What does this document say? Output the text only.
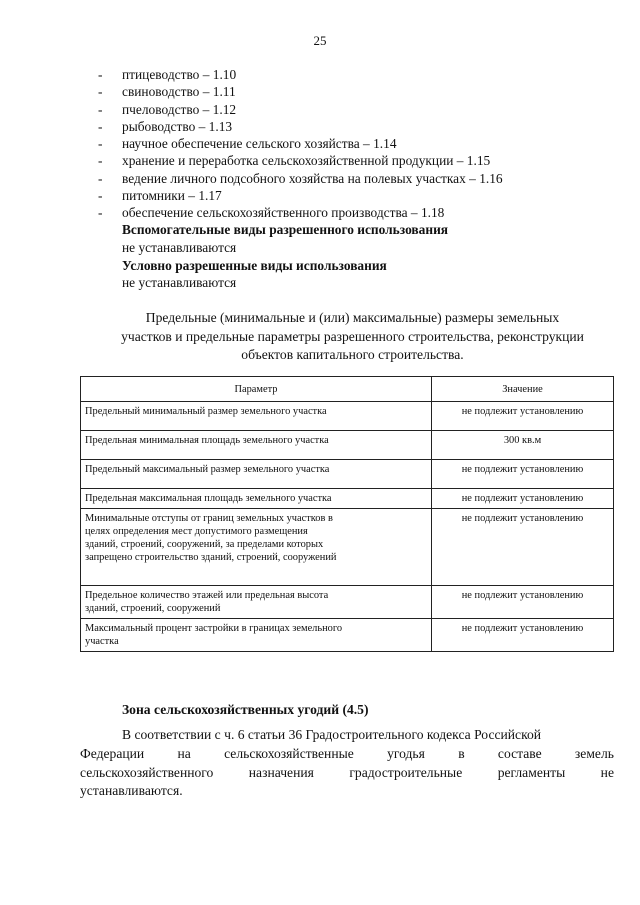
25
- птицеводство – 1.10
- свиноводство – 1.11
- пчеловодство – 1.12
- рыбоводство – 1.13
- научное обеспечение сельского хозяйства – 1.14
- хранение и переработка сельскохозяйственной продукции – 1.15
- ведение личного подсобного хозяйства на полевых участках – 1.16
- питомники – 1.17
- обеспечение сельскохозяйственного производства – 1.18
Вспомогательные виды разрешенного использования
не устанавливаются
Условно разрешенные виды использования
не устанавливаются
Предельные (минимальные и (или) максимальные) размеры земельных
участков и предельные параметры разрешенного строительства, реконструкции
объектов капитального строительства.
Параметр	Значение

Предельный минимальный размер земельного участка	не подлежит установлению

Предельная минимальная площадь земельного участка	300 кв.м

Предельный максимальный размер земельного участка	не подлежит установлению

Предельная максимальная площадь земельного участка	не подлежит установлению

Минимальные отступы от границ земельных участков в
целях определения мест допустимого размещения
зданий, строений, сооружений, за пределами которых
запрещено строительство зданий, строений, сооружений	не подлежит установлению

Предельное количество этажей или предельная высота
зданий, строений, сооружений	не подлежит установлению

Максимальный процент застройки в границах земельного
участка	не подлежит установлению
Зона сельскохозяйственных угодий (4.5)
В соответствии с ч. 6 статьи 36 Градостроительного кодекса Российской
Федерации на сельскохозяйственные угодья в составе земель
сельскохозяйственного	назначения	градостроительные	регламенты	не
устанавливаются.
